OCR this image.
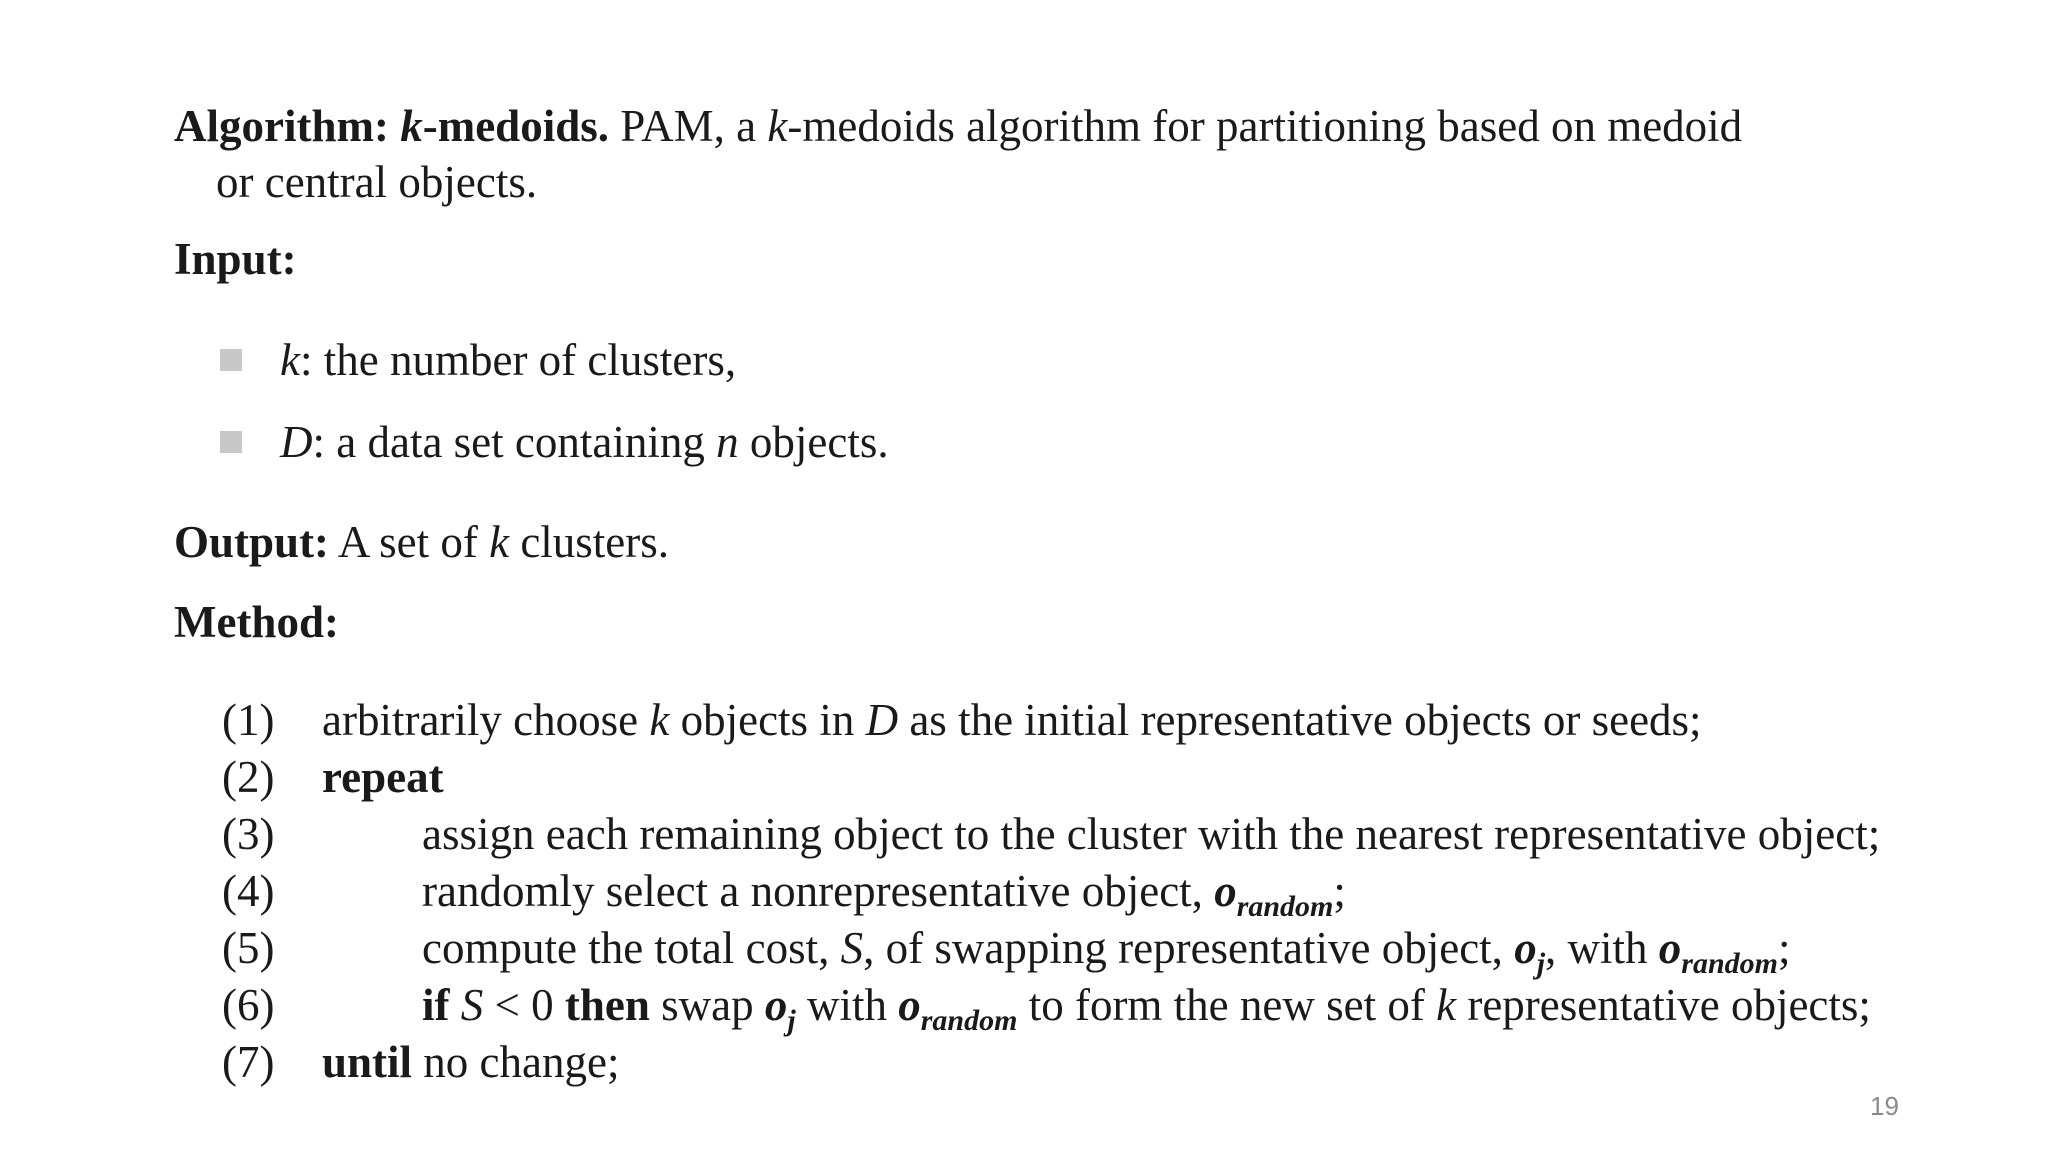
Algorithm: k-medoids. PAM, a k-medoids algorithm for partitioning based on medoid
or central objects.
Input:
k: the number of clusters,
D: a data set containing n objects.
Output: A set of k clusters.
Method:
(1) arbitrarily choose k objects in D as the initial representative objects or seeds;
(2) repeat
(3)	assign each remaining object to the cluster with the nearest representative object;
(4)	randomly select a nonrepresentative object, $o_{random}$;
(5)	compute the total cost, S, of swapping representative object, $o_j$, with $o_{random}$;
(6)	if S < 0 then swap $o_j$ with $o_{random}$ to form the new set of k representative objects;
(7) until no change;
19
